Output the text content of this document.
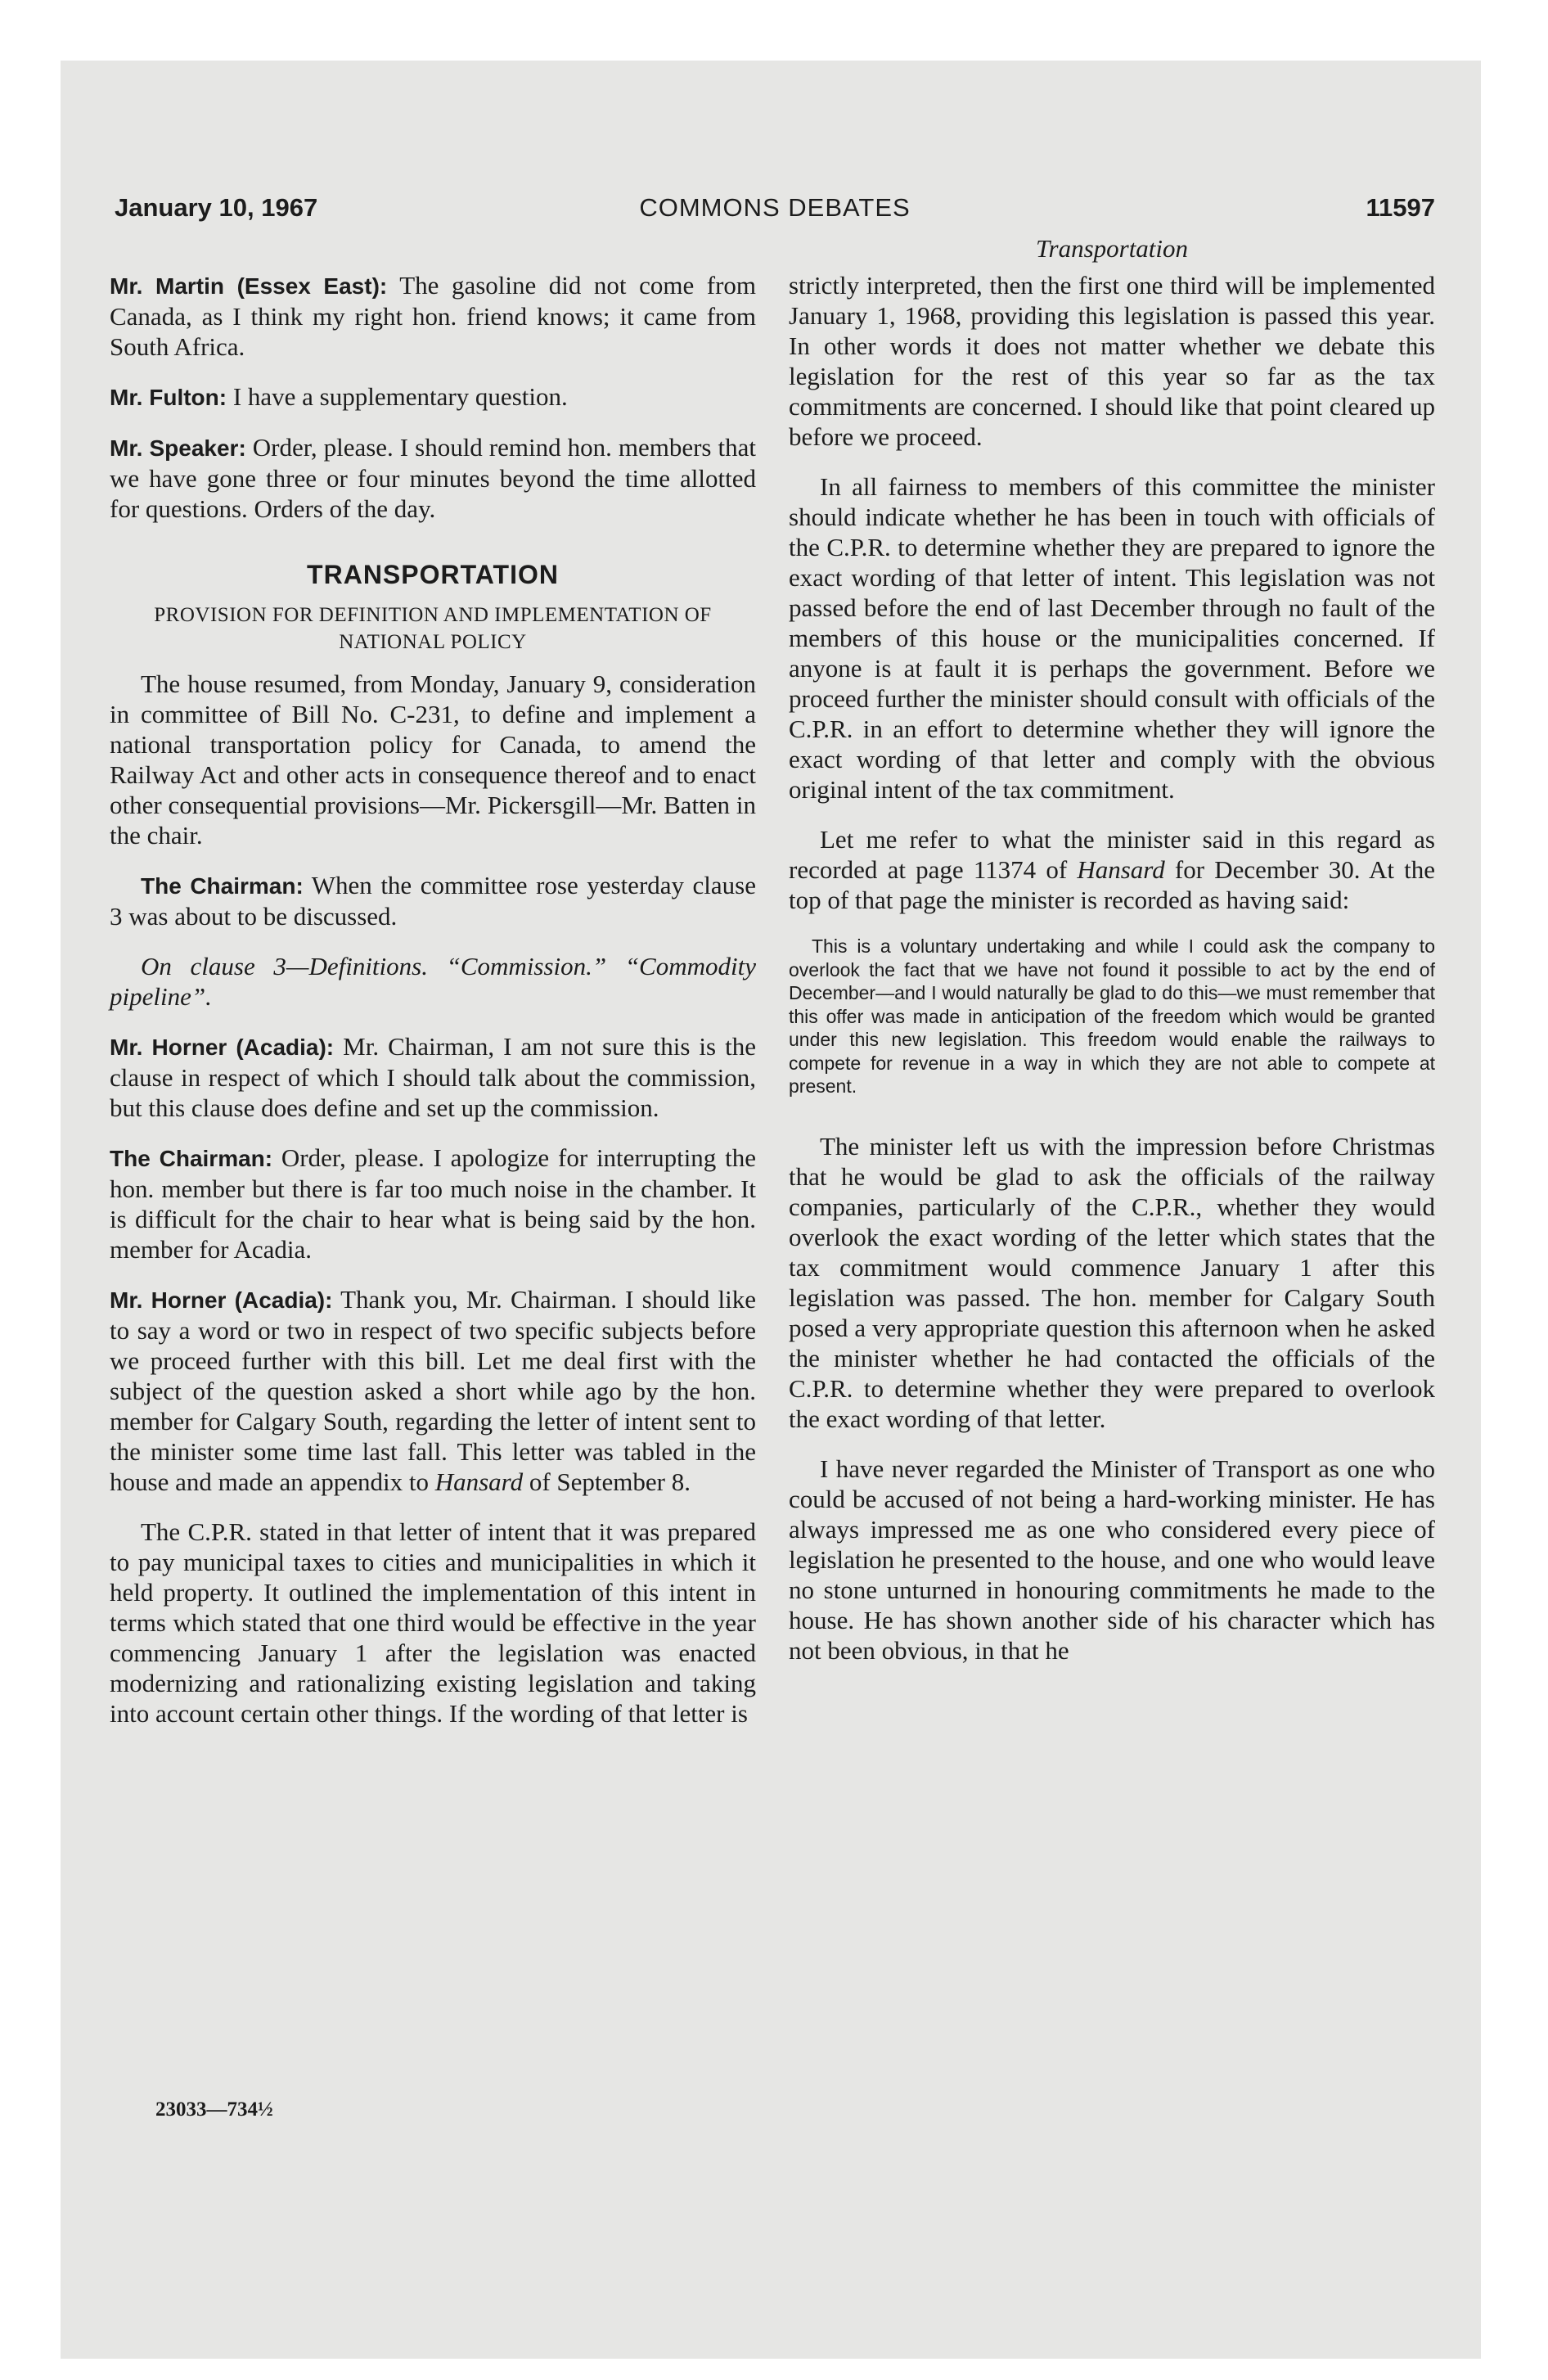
January 10, 1967	COMMONS DEBATES	11597
Transportation

Mr. Martin (Essex East): The gasoline did not come from Canada, as I think my right hon. friend knows; it came from South Africa.

Mr. Fulton: I have a supplementary question.

Mr. Speaker: Order, please. I should remind hon. members that we have gone three or four minutes beyond the time allotted for questions. Orders of the day.

TRANSPORTATION
PROVISION FOR DEFINITION AND IMPLEMENTATION OF NATIONAL POLICY

The house resumed, from Monday, January 9, consideration in committee of Bill No. C-231, to define and implement a national transportation policy for Canada, to amend the Railway Act and other acts in consequence thereof and to enact other consequential provisions—Mr. Pickersgill—Mr. Batten in the chair.

The Chairman: When the committee rose yesterday clause 3 was about to be discussed.

On clause 3—Definitions. “Commission.” “Commodity pipeline”.

Mr. Horner (Acadia): Mr. Chairman, I am not sure this is the clause in respect of which I should talk about the commission, but this clause does define and set up the commission.

The Chairman: Order, please. I apologize for interrupting the hon. member but there is far too much noise in the chamber. It is difficult for the chair to hear what is being said by the hon. member for Acadia.

Mr. Horner (Acadia): Thank you, Mr. Chairman. I should like to say a word or two in respect of two specific subjects before we proceed further with this bill. Let me deal first with the subject of the question asked a short while ago by the hon. member for Calgary South, regarding the letter of intent sent to the minister some time last fall. This letter was tabled in the house and made an appendix to Hansard of September 8.

The C.P.R. stated in that letter of intent that it was prepared to pay municipal taxes to cities and municipalities in which it held property. It outlined the implementation of this intent in terms which stated that one third would be effective in the year commencing January 1 after the legislation was enacted modernizing and rationalizing existing legislation and taking into account certain other things. If the wording of that letter is

23033—734½

strictly interpreted, then the first one third will be implemented January 1, 1968, providing this legislation is passed this year. In other words it does not matter whether we debate this legislation for the rest of this year so far as the tax commitments are concerned. I should like that point cleared up before we proceed.

In all fairness to members of this committee the minister should indicate whether he has been in touch with officials of the C.P.R. to determine whether they are prepared to ignore the exact wording of that letter of intent. This legislation was not passed before the end of last December through no fault of the members of this house or the municipalities concerned. If anyone is at fault it is perhaps the government. Before we proceed further the minister should consult with officials of the C.P.R. in an effort to determine whether they will ignore the exact wording of that letter and comply with the obvious original intent of the tax commitment.

Let me refer to what the minister said in this regard as recorded at page 11374 of Hansard for December 30. At the top of that page the minister is recorded as having said:

This is a voluntary undertaking and while I could ask the company to overlook the fact that we have not found it possible to act by the end of December—and I would naturally be glad to do this—we must remember that this offer was made in anticipation of the freedom which would be granted under this new legislation. This freedom would enable the railways to compete for revenue in a way in which they are not able to compete at present.

The minister left us with the impression before Christmas that he would be glad to ask the officials of the railway companies, particularly of the C.P.R., whether they would overlook the exact wording of the letter which states that the tax commitment would commence January 1 after this legislation was passed. The hon. member for Calgary South posed a very appropriate question this afternoon when he asked the minister whether he had contacted the officials of the C.P.R. to determine whether they were prepared to overlook the exact wording of that letter.

I have never regarded the Minister of Transport as one who could be accused of not being a hard-working minister. He has always impressed me as one who considered every piece of legislation he presented to the house, and one who would leave no stone unturned in honouring commitments he made to the house. He has shown another side of his character which has not been obvious, in that he
